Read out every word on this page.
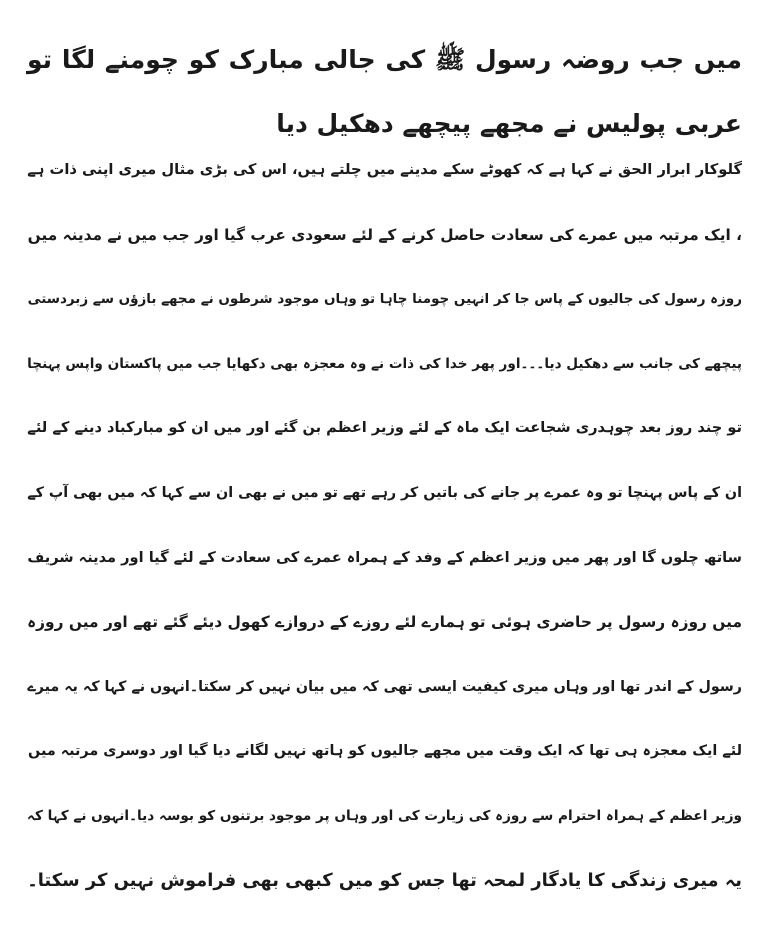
میں جب روضہ رسول ﷺ کی جالی مبارک کو چومنے لگا تو عربی پولیس نے مجھے پیچھے دھکیل دیا
گلوکار ابرار الحق نے کہا ہے کہ کھوٹے سکے مدینے میں چلتے ہیں، اس کی بڑی مثال میری اپنی ذات ہے
، ایک مرتبہ میں عمرے کی سعادت حاصل کرنے کے لئے سعودی عرب گیا اور جب میں نے مدینہ میں
روزہ رسول کی جالیوں کے پاس جا کر انہیں چومنا چاہا تو وہاں موجود شرطوں نے مجھے بازؤں سے زبردستی
پیچھے کی جانب سے دھکیل دیا۔۔۔اور پھر خدا کی ذات نے وہ معجزہ بھی دکھایا جب میں پاکستان واپس پہنچا
تو چند روز بعد چوہدری شجاعت ایک ماہ کے لئے وزیر اعظم بن گئے اور میں ان کو مبارکباد دینے کے لئے
ان کے پاس پہنچا تو وہ عمرے پر جانے کی باتیں کر رہے تھے تو میں نے بھی ان سے کہا کہ میں بھی آپ کے
ساتھ چلوں گا اور پھر میں وزیر اعظم کے وفد کے ہمراہ عمرے کی سعادت کے لئے گیا اور مدینہ شریف
میں روزہ رسول پر حاضری ہوئی تو ہمارے لئے روزے کے دروازے کھول دیئے گئے تھے اور میں روزہ
رسول کے اندر تھا اور وہاں میری کیفیت ایسی تھی کہ میں بیان نہیں کر سکتا۔انہوں نے کہا کہ یہ میرے
لئے ایک معجزہ ہی تھا کہ ایک وقت میں مجھے جالیوں کو ہاتھ نہیں لگانے دیا گیا اور دوسری مرتبہ میں
وزیر اعظم کے ہمراہ احترام سے روزہ کی زیارت کی اور وہاں پر موجود برتنوں کو بوسہ دیا۔انہوں نے کہا کہ
یہ میری زندگی کا یادگار لمحہ تھا جس کو میں کبھی بھی فراموش نہیں کر سکتا۔
